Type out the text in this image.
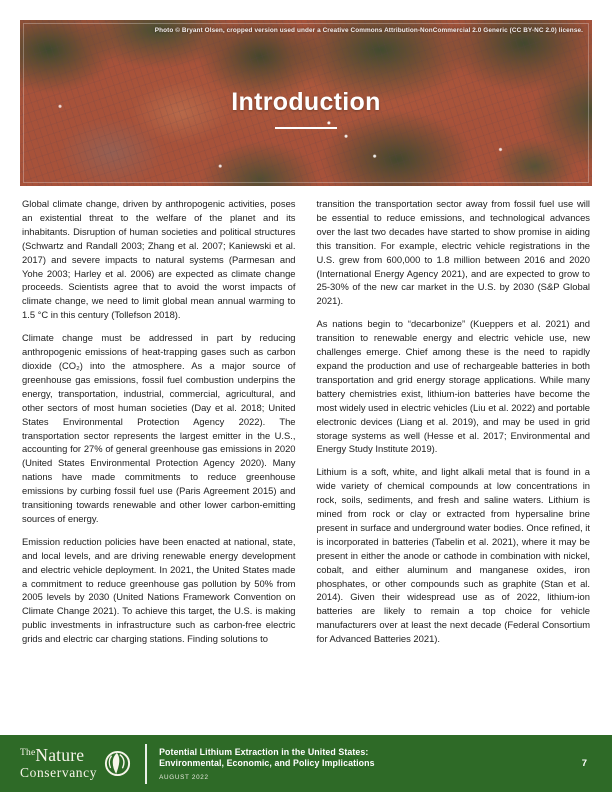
Photo © Bryant Olsen, cropped version used under a Creative Commons Attribution-NonCommercial 2.0 Generic (CC BY-NC 2.0) license.
Introduction

Global climate change, driven by anthropogenic activities, poses an existential threat to the welfare of the planet and its inhabitants. Disruption of human societies and political structures (Schwartz and Randall 2003; Zhang et al. 2007; Kaniewski et al. 2017) and severe impacts to natural systems (Parmesan and Yohe 2003; Harley et al. 2006) are expected as climate change proceeds. Scientists agree that to avoid the worst impacts of climate change, we need to limit global mean annual warming to 1.5 °C in this century (Tollefson 2018).

Climate change must be addressed in part by reducing anthropogenic emissions of heat-trapping gases such as carbon dioxide (CO₂) into the atmosphere. As a major source of greenhouse gas emissions, fossil fuel combustion underpins the energy, transportation, industrial, commercial, agricultural, and other sectors of most human societies (Day et al. 2018; United States Environmental Protection Agency 2022). The transportation sector represents the largest emitter in the U.S., accounting for 27% of general greenhouse gas emissions in 2020 (United States Environmental Protection Agency 2020). Many nations have made commitments to reduce greenhouse emissions by curbing fossil fuel use (Paris Agreement 2015) and transitioning towards renewable and other lower carbon-emitting sources of energy.

Emission reduction policies have been enacted at national, state, and local levels, and are driving renewable energy development and electric vehicle deployment. In 2021, the United States made a commitment to reduce greenhouse gas pollution by 50% from 2005 levels by 2030 (United Nations Framework Convention on Climate Change 2021). To achieve this target, the U.S. is making public investments in infrastructure such as carbon-free electric grids and electric car charging stations. Finding solutions to

transition the transportation sector away from fossil fuel use will be essential to reduce emissions, and technological advances over the last two decades have started to show promise in aiding this transition. For example, electric vehicle registrations in the U.S. grew from 600,000 to 1.8 million between 2016 and 2020 (International Energy Agency 2021), and are expected to grow to 25-30% of the new car market in the U.S. by 2030 (S&P Global 2021).

As nations begin to “decarbonize” (Kueppers et al. 2021) and transition to renewable energy and electric vehicle use, new challenges emerge. Chief among these is the need to rapidly expand the production and use of rechargeable batteries in both transportation and grid energy storage applications. While many battery chemistries exist, lithium-ion batteries have become the most widely used in electric vehicles (Liu et al. 2022) and portable electronic devices (Liang et al. 2019), and may be used in grid storage systems as well (Hesse et al. 2017; Environmental and Energy Study Institute 2019).

Lithium is a soft, white, and light alkali metal that is found in a wide variety of chemical compounds at low concentrations in rock, soils, sediments, and fresh and saline waters. Lithium is mined from rock or clay or extracted from hypersaline brine present in surface and underground water bodies. Once refined, it is incorporated in batteries (Tabelin et al. 2021), where it may be present in either the anode or cathode in combination with nickel, cobalt, and either aluminum and manganese oxides, iron phosphates, or other compounds such as graphite (Stan et al. 2014). Given their widespread use as of 2022, lithium-ion batteries are likely to remain a top choice for vehicle manufacturers over at least the next decade (Federal Consortium for Advanced Batteries 2021).

$^{The}$Nature
Conservancy
Potential Lithium Extraction in the United States:
Environmental, Economic, and Policy Implications
AUGUST 2022
7
